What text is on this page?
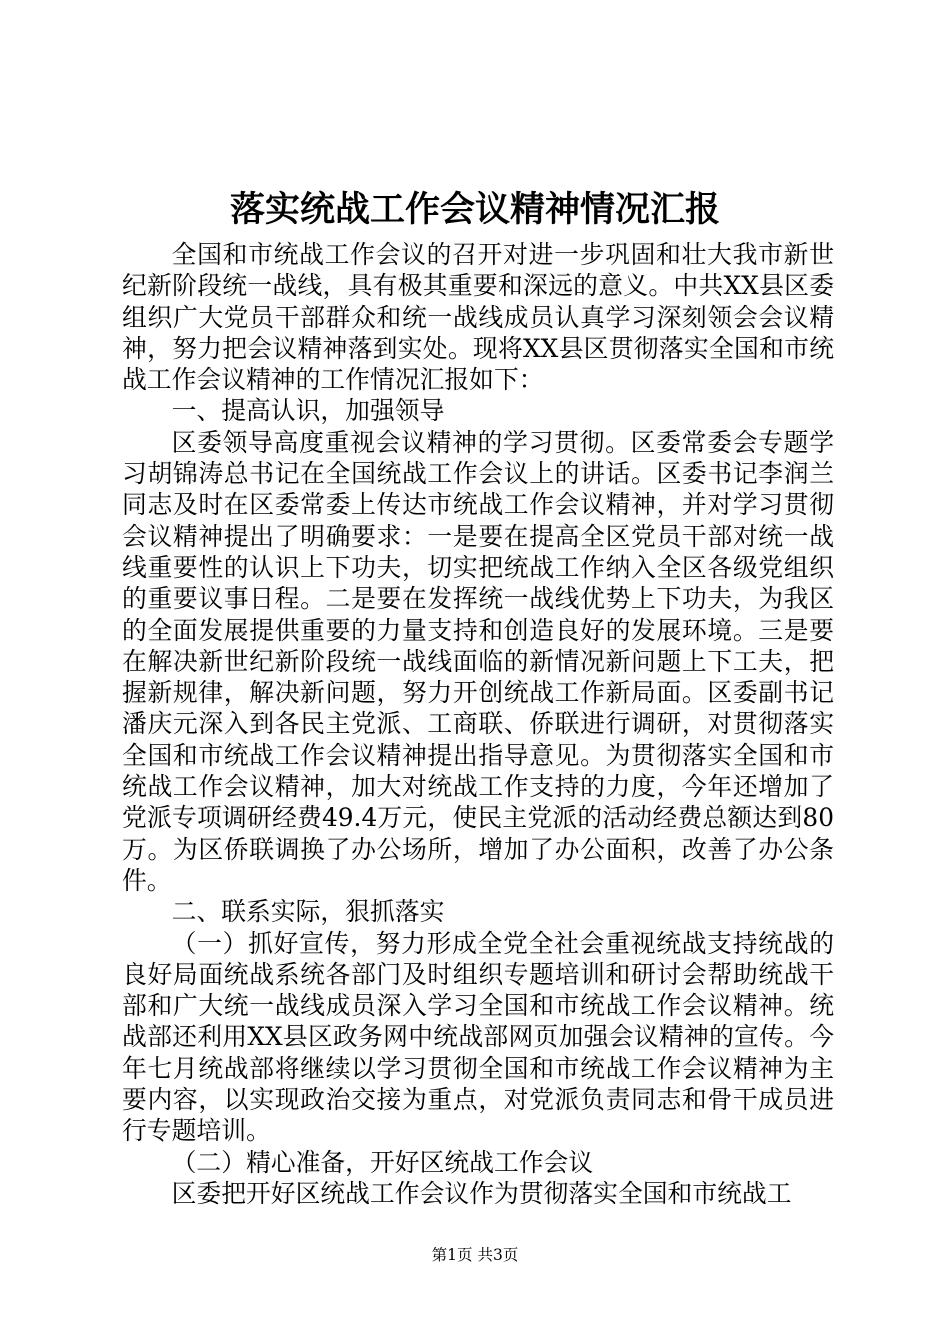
落实统战工作会议精神情况汇报

全国和市统战工作会议的召开对进一步巩固和壮大我市新世纪新阶段统一战线，具有极其重要和深远的意义。中共XX县区委组织广大党员干部群众和统一战线成员认真学习深刻领会会议精神，努力把会议精神落到实处。现将XX县区贯彻落实全国和市统战工作会议精神的工作情况汇报如下：

一、提高认识，加强领导

区委领导高度重视会议精神的学习贯彻。区委常委会专题学习胡锦涛总书记在全国统战工作会议上的讲话。区委书记李润兰同志及时在区委常委上传达市统战工作会议精神，并对学习贯彻会议精神提出了明确要求：一是要在提高全区党员干部对统一战线重要性的认识上下功夫，切实把统战工作纳入全区各级党组织的重要议事日程。二是要在发挥统一战线优势上下功夫，为我区的全面发展提供重要的力量支持和创造良好的发展环境。三是要在解决新世纪新阶段统一战线面临的新情况新问题上下工夫，把握新规律，解决新问题，努力开创统战工作新局面。区委副书记潘庆元深入到各民主党派、工商联、侨联进行调研，对贯彻落实全国和市统战工作会议精神提出指导意见。为贯彻落实全国和市统战工作会议精神，加大对统战工作支持的力度，今年还增加了党派专项调研经费49.4万元，使民主党派的活动经费总额达到80万。为区侨联调换了办公场所，增加了办公面积，改善了办公条件。

二、联系实际，狠抓落实

（一）抓好宣传，努力形成全党全社会重视统战支持统战的良好局面统战系统各部门及时组织专题培训和研讨会帮助统战干部和广大统一战线成员深入学习全国和市统战工作会议精神。统战部还利用XX县区政务网中统战部网页加强会议精神的宣传。今年七月统战部将继续以学习贯彻全国和市统战工作会议精神为主要内容，以实现政治交接为重点，对党派负责同志和骨干成员进行专题培训。

（二）精心准备，开好区统战工作会议

区委把开好区统战工作会议作为贯彻落实全国和市统战工

第1页 共3页
